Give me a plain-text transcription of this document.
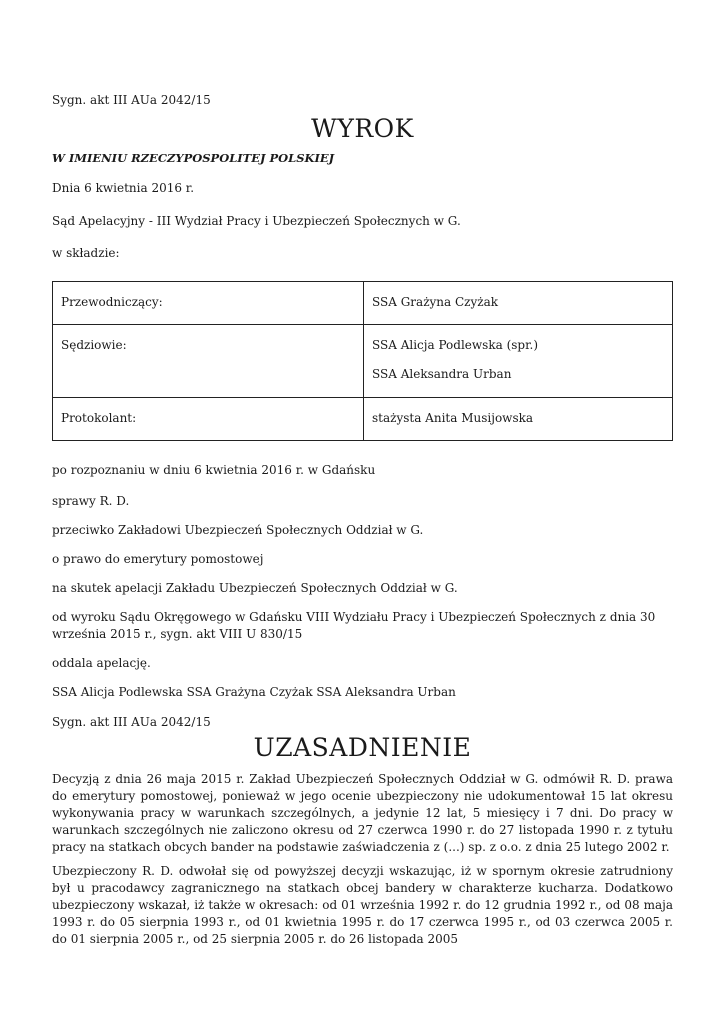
Sygn. akt III AUa 2042/15

WYROK

W IMIENIU RZECZYPOSPOLITEJ POLSKIEJ

Dnia 6 kwietnia 2016 r.

Sąd Apelacyjny - III Wydział Pracy i Ubezpieczeń Społecznych w G.

w składzie:

Przewodniczący:	SSA Grażyna Czyżak
Sędziowie:	SSA Alicja Podlewska (spr.)
SSA Aleksandra Urban

Protokolant:	stażysta Anita Musijowska

po rozpoznaniu w dniu 6 kwietnia 2016 r. w Gdańsku

sprawy R. D.

przeciwko Zakładowi Ubezpieczeń Społecznych Oddział w G.

o prawo do emerytury pomostowej

na skutek apelacji Zakładu Ubezpieczeń Społecznych Oddział w G.

od wyroku Sądu Okręgowego w Gdańsku VIII Wydziału Pracy i Ubezpieczeń Społecznych z dnia 30 września 2015 r., sygn. akt VIII U 830/15

oddala apelację.

SSA Alicja Podlewska SSA Grażyna Czyżak SSA Aleksandra Urban

Sygn. akt III AUa 2042/15

UZASADNIENIE

Decyzją z dnia 26 maja 2015 r. Zakład Ubezpieczeń Społecznych Oddział w G. odmówił R. D. prawa do emerytury pomostowej, ponieważ w jego ocenie ubezpieczony nie udokumentował 15 lat okresu wykonywania pracy w warunkach szczególnych, a jedynie 12 lat, 5 miesięcy i 7 dni. Do pracy w warunkach szczególnych nie zaliczono okresu od 27 czerwca 1990 r. do 27 listopada 1990 r. z tytułu pracy na statkach obcych bander na podstawie zaświadczenia z (...) sp. z o.o. z dnia 25 lutego 2002 r.

Ubezpieczony R. D. odwołał się od powyższej decyzji wskazując, iż w spornym okresie zatrudniony był u pracodawcy zagranicznego na statkach obcej bandery w charakterze kucharza. Dodatkowo ubezpieczony wskazał, iż także w okresach: od 01 września 1992 r. do 12 grudnia 1992 r., od 08 maja 1993 r. do 05 sierpnia 1993 r., od 01 kwietnia 1995 r. do 17 czerwca 1995 r., od 03 czerwca 2005 r. do 01 sierpnia 2005 r., od 25 sierpnia 2005 r. do 26 listopada 2005
